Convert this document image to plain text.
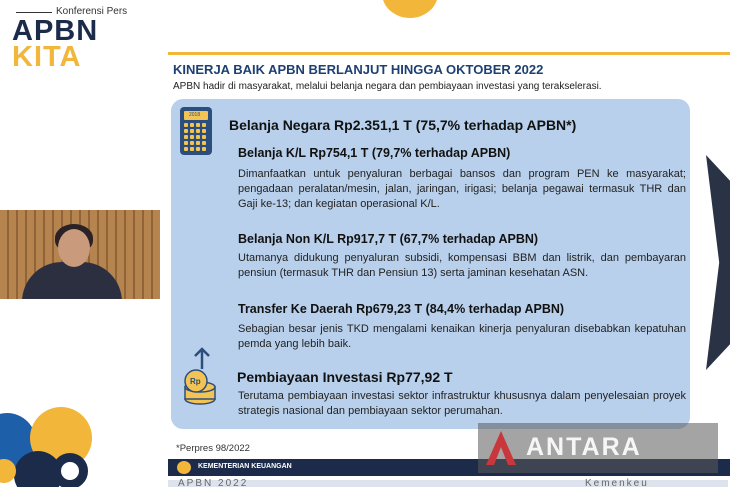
Konferensi Pers
APBN
KITA	KINERJA BAIK APBN BERLANJUT HINGGA OKTOBER 2022
APBN hadir di masyarakat, melalui belanja negara dan pembiayaan investasi yang terakselerasi.
2018
Belanja Negara Rp2.351,1 T (75,7% terhadap APBN*)
Belanja K/L Rp754,1 T (79,7% terhadap APBN)
Dimanfaatkan untuk penyaluran berbagai bansos dan program PEN ke masyarakat; pengadaan peralatan/mesin, jalan, jaringan, irigasi; belanja pegawai termasuk THR dan Gaji ke-13; dan kegiatan operasional K/L.
Belanja Non K/L Rp917,7 T (67,7% terhadap APBN)
Utamanya didukung penyaluran subsidi, kompensasi BBM dan listrik, dan pembayaran pensiun (termasuk THR dan Pensiun 13) serta jaminan kesehatan ASN.
Transfer Ke Daerah Rp679,23 T (84,4% terhadap APBN)
Sebagian besar jenis TKD mengalami kenaikan kinerja penyaluran disebabkan kepatuhan pemda yang lebih baik.
Rp	Pembiayaan Investasi Rp77,92 T
Terutama pembiayaan investasi sektor infrastruktur khususnya dalam penyelesaian proyek strategis nasional dan pembiayaan sektor perumahan.
*Perpres 98/2022
KEMENTERIAN KEUANGAN
APBN 2022	Kemenkeu
ANTARA
